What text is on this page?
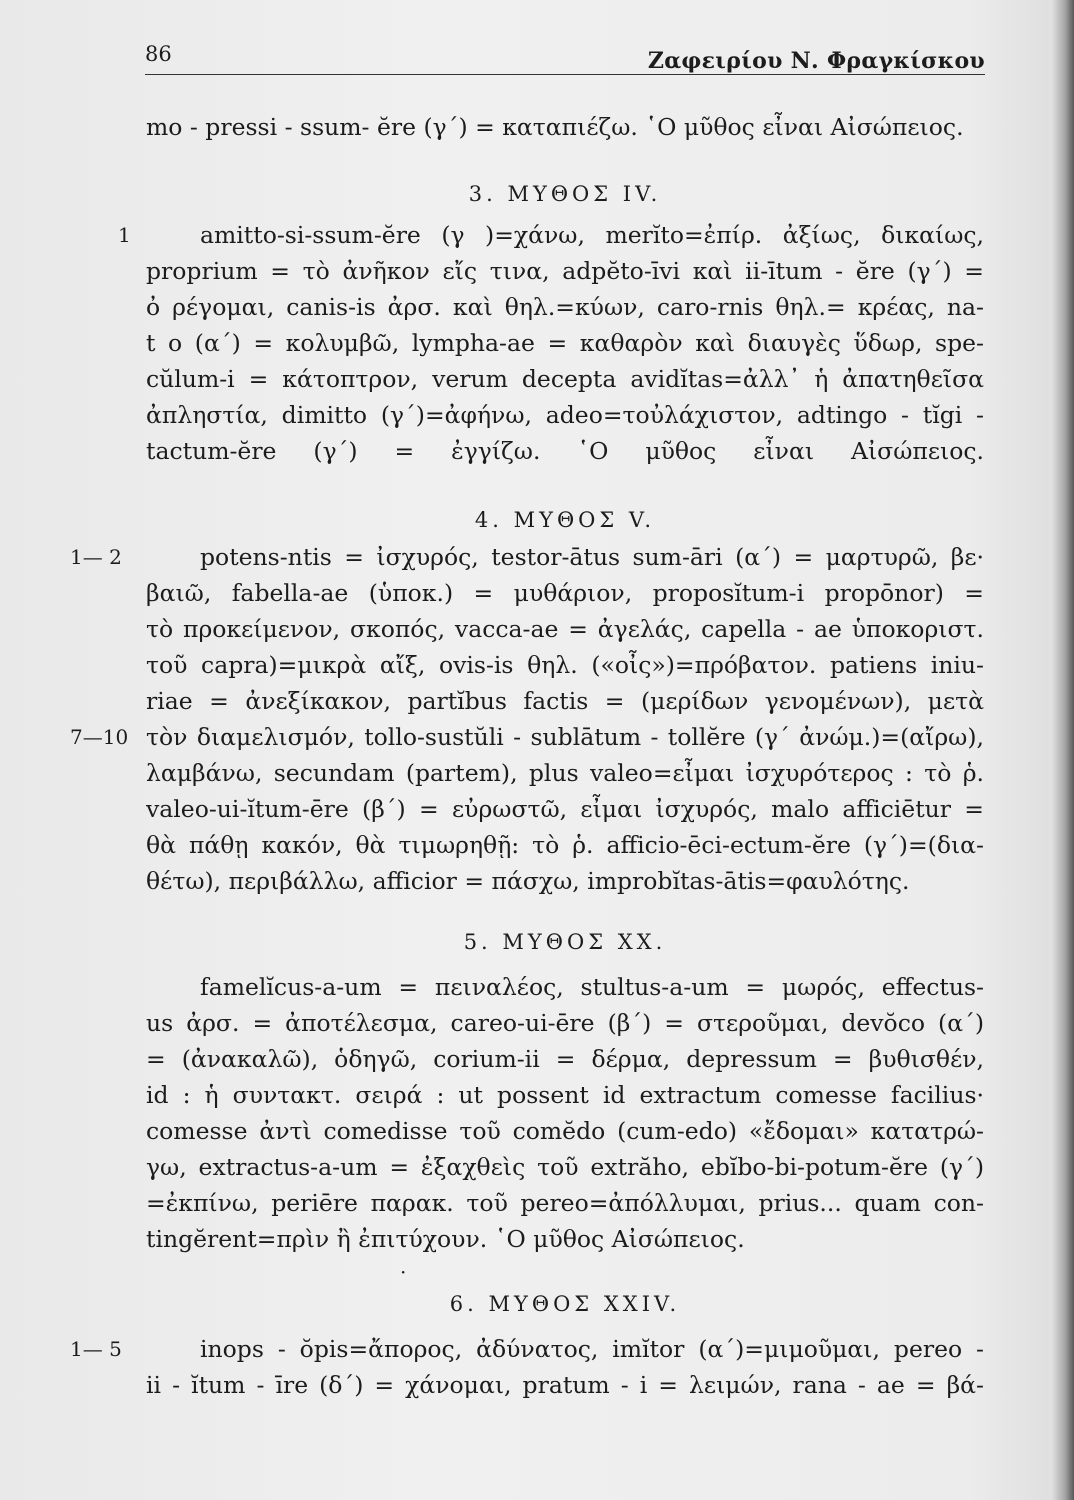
86	Ζαφειρίου Ν. Φραγκίσκου
mo - pressi - ssum- ĕre (γ΄) = καταπιέζω. ῾Ο μῦθος εἶναι Αἰσώπειος.
3. ΜΥΘΟΣ IV.
1	amitto-si-ssum-ĕre (γ )=χάνω, merĭto=ἐπίρ. ἀξίως, δικαίως,
proprium = τὸ ἀνῆκον εἴς τινα, adpĕto-īvi καὶ ii-ītum - ĕre (γ΄) =
ὀ ρέγομαι, canis-is ἀρσ. καὶ θηλ.=κύων, caro-rnis θηλ.= κρέας, na-
t o (α΄) = κολυμβῶ, lympha-ae = καθαρὸν καὶ διαυγὲς ὕδωρ, spe-
cŭlum-i = κάτοπτρον, verum decepta avidĭtas=ἀλλ᾿ ἡ ἀπατηθεῖσα
ἀπληστία, dimitto (γ΄)=ἀφήνω, adeo=τοὐλάχιστον, adtingo - tĭgi -
tactum-ĕre (γ΄) = ἐγγίζω. ῾Ο μῦθος εἶναι Αἰσώπειος.
4. ΜΥΘΟΣ V.
1— 2	potens-ntis = ἰσχυρός, testor-ātus sum-āri (α΄) = μαρτυρῶ, βε·
βαιῶ, fabella-ae (ὑποκ.) = μυθάριον, proposĭtum-i propōnor) =
τὸ προκείμενον, σκοπός, vacca-ae = ἀγελάς, capella - ae ὑποκοριστ.
τοῦ capra)=μικρὰ αἴξ, ovis-is θηλ. («οἶς»)=πρόβατον. patiens iniu-
riae = ἀνεξίκακον, partĭbus factis = (μερίδων γενομένων), μετὰ
7—10 τὸν διαμελισμόν, tollo-sustŭli - sublātum - tollĕre (γ΄ ἀνώμ.)=(αἴρω),
λαμβάνω, secundam (partem), plus valeo=εἶμαι ἰσχυρότερος : τὸ ῥ.
valeo-ui-ĭtum-ēre (β΄) = εὐρωστῶ, εἶμαι ἰσχυρός, malo afficiētur =
θὰ πάθῃ κακόν, θὰ τιμωρηθῇ: τὸ ῥ. afficio-ēci-ectum-ĕre (γ΄)=(δια-
θέτω), περιβάλλω, afficior = πάσχω, improbĭtas-ātis=φαυλότης.
5. ΜΥΘΟΣ XX.
famelĭcus-a-um = πειναλέος, stultus-a-um = μωρός, effectus-
us ἀρσ. = ἀποτέλεσμα, careo-ui-ēre (β΄) = στεροῦμαι, devŏco (α΄)
= (ἀνακαλῶ), ὁδηγῶ, corium-ii = δέρμα, depressum = βυθισθέν,
id : ἡ συντακτ. σειρά : ut possent id extractum comesse facilius·
comesse ἀντὶ comedisse τοῦ comĕdo (cum-edo) «ἔδομαι» κατατρώ-
γω, extractus-a-um = ἐξαχθεὶς τοῦ extrăho, ebĭbo-bi-potum-ĕre (γ΄)
=ἐκπίνω, periēre παρακ. τοῦ pereo=ἀπόλλυμαι, prius... quam con-
tingĕrent=πρὶν ἢ ἐπιτύχουν. ῾Ο μῦθος Αἰσώπειος.
·
6. ΜΥΘΟΣ XXIV.
1— 5	inops - ŏpis=ἄπορος, ἀδύνατος, imĭtor (α΄)=μιμοῦμαι, pereo -
ii - ĭtum - īre (δ΄) = χάνομαι, pratum - i = λειμών, rana - ae = βά-
